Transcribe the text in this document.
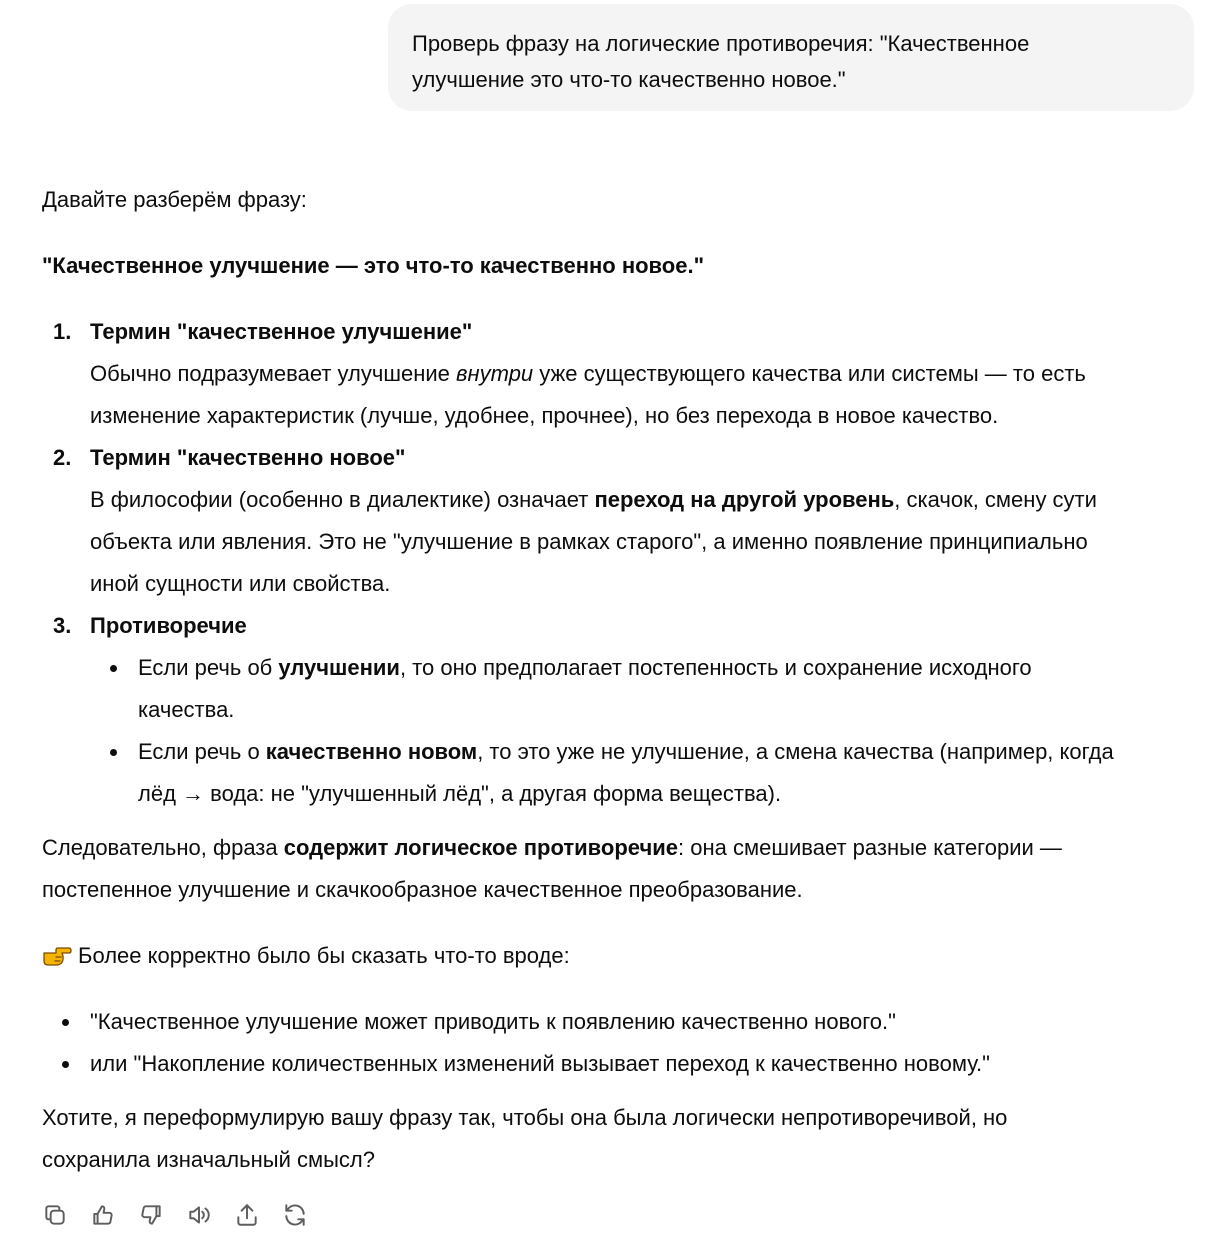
Проверь фразу на логические противоречия: "Качественное
улучшение это что-то качественно новое."

Давайте разберём фразу:

"Качественное улучшение — это что-то качественно новое."

1. Термин "качественное улучшение"
Обычно подразумевает улучшение внутри уже существующего качества или системы — то есть
изменение характеристик (лучше, удобнее, прочнее), но без перехода в новое качество.
2. Термин "качественно новое"
В философии (особенно в диалектике) означает переход на другой уровень, скачок, смену сути
объекта или явления. Это не "улучшение в рамках старого", а именно появление принципиально
иной сущности или свойства.
3. Противоречие
Если речь об улучшении, то оно предполагает постепенность и сохранение исходного
качества.
Если речь о качественно новом, то это уже не улучшение, а смена качества (например, когда
лёд → вода: не "улучшенный лёд", а другая форма вещества).
Следовательно, фраза содержит логическое противоречие: она смешивает разные категории —
постепенное улучшение и скачкообразное качественное преобразование.
Более корректно было бы сказать что-то вроде:
"Качественное улучшение может приводить к появлению качественно нового."
или "Накопление количественных изменений вызывает переход к качественно новому."
Хотите, я переформулирую вашу фразу так, чтобы она была логически непротиворечивой, но
сохранила изначальный смысл?
